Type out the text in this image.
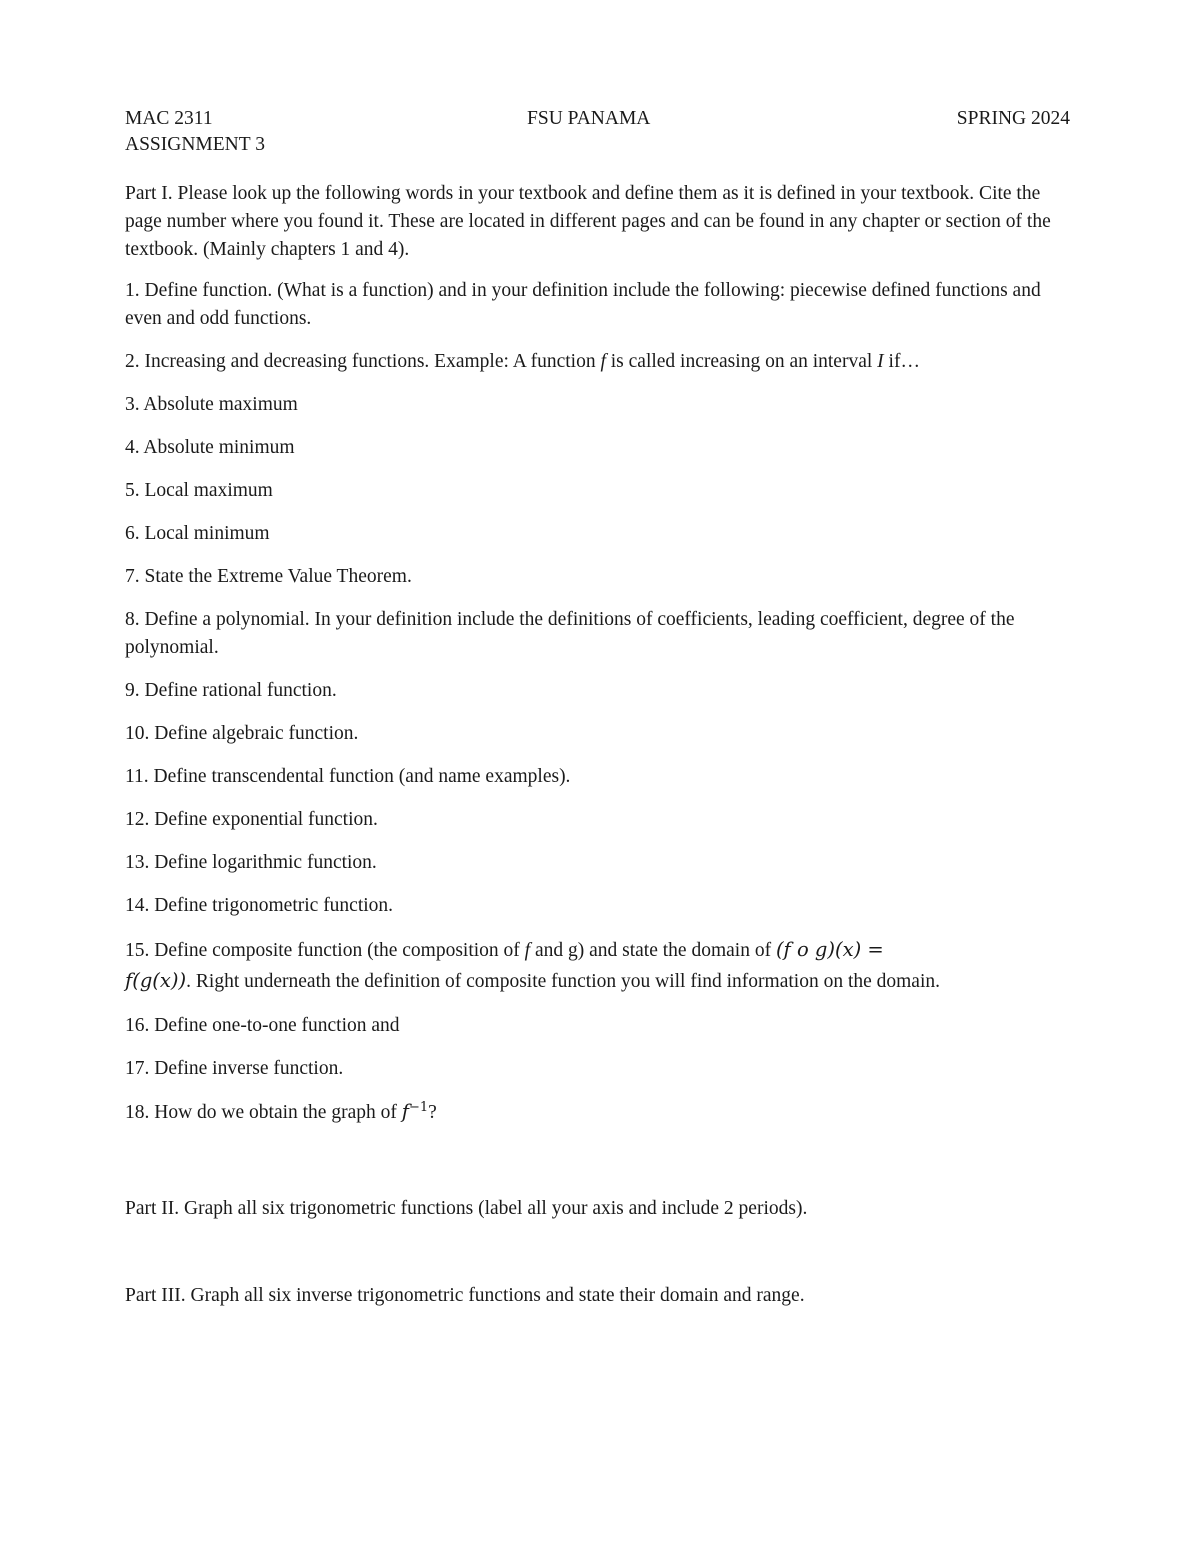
MAC 2311	FSU PANAMA	SPRING 2024
ASSIGNMENT 3
Part I. Please look up the following words in your textbook and define them as it is defined in your textbook. Cite the page number where you found it. These are located in different pages and can be found in any chapter or section of the textbook. (Mainly chapters 1 and 4).
1. Define function. (What is a function) and in your definition include the following: piecewise defined functions and even and odd functions.
2. Increasing and decreasing functions. Example: A function f is called increasing on an interval I if…
3. Absolute maximum
4. Absolute minimum
5. Local maximum
6. Local minimum
7. State the Extreme Value Theorem.
8. Define a polynomial. In your definition include the definitions of coefficients, leading coefficient, degree of the polynomial.
9. Define rational function.
10. Define algebraic function.
11. Define transcendental function (and name examples).
12. Define exponential function.
13. Define logarithmic function.
14. Define trigonometric function.
15. Define composite function (the composition of f and g) and state the domain of (f o g)(x) =
f(g(x)). Right underneath the definition of composite function you will find information on the domain.
16. Define one-to-one function and
17. Define inverse function.
18. How do we obtain the graph of $f^{-1}$?
Part II. Graph all six trigonometric functions (label all your axis and include 2 periods).
Part III. Graph all six inverse trigonometric functions and state their domain and range.
